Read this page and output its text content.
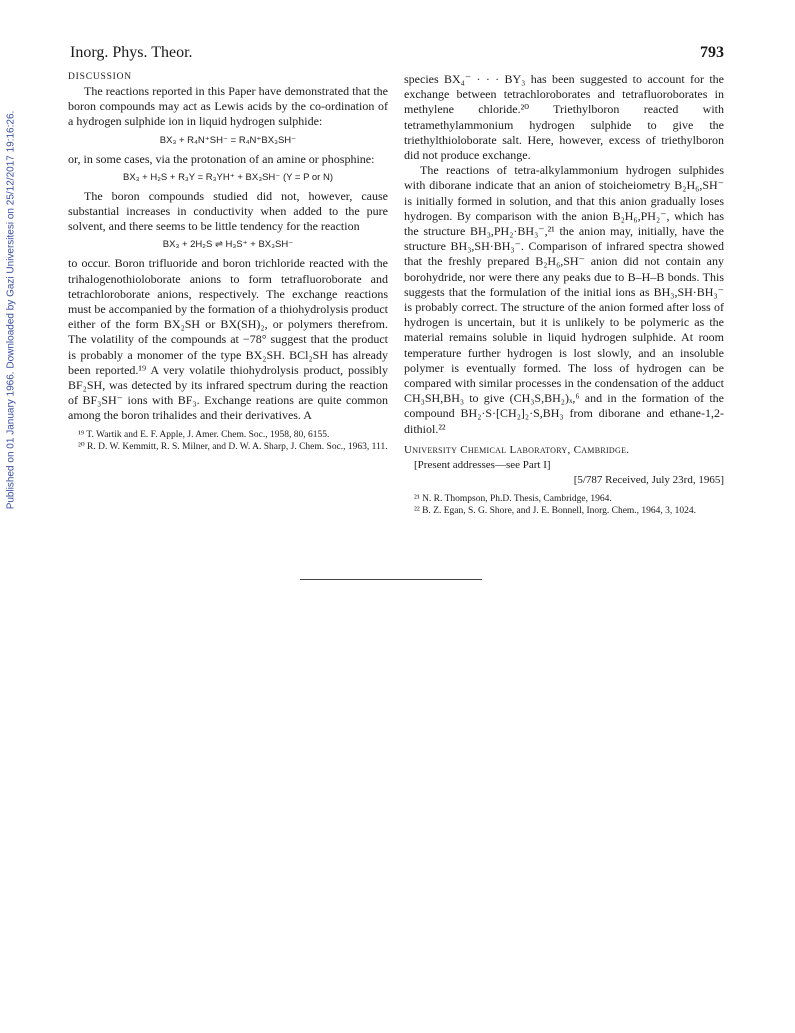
Published on 01 January 1966. Downloaded by Gazi Universitesi on 25/12/2017 19:16:26.
Inorg. Phys. Theor.	793
DISCUSSION

The reactions reported in this Paper have demonstrated that the boron compounds may act as Lewis acids by the co-ordination of a hydrogen sulphide ion in liquid hydrogen sulphide:

BX₃ + R₄N⁺SH⁻ = R₄N⁺BX₃SH⁻

or, in some cases, via the protonation of an amine or phosphine:

BX₃ + H₂S + R₃Y = R₃YH⁺ + BX₃SH⁻ (Y = P or N)

The boron compounds studied did not, however, cause substantial increases in conductivity when added to the pure solvent, and there seems to be little tendency for the reaction

BX₃ + 2H₂S ⇌ H₃S⁺ + BX₃SH⁻

to occur. Boron trifluoride and boron trichloride reacted with the trihalogenothioloborate anions to form tetrafluoroborate and tetrachloroborate anions, respectively. The exchange reactions must be accompanied by the formation of a thiohydrolysis product either of the form BX₂SH or BX(SH)₂, or polymers therefrom. The volatility of the compounds at −78° suggest that the product is probably a monomer of the type BX₂SH. BCl₂SH has already been reported.¹⁹ A very volatile thiohydrolysis product, possibly BF₂SH, was detected by its infrared spectrum during the reaction of BF₃SH⁻ ions with BF₃. Exchange reations are quite common among the boron trihalides and their derivatives. A

¹⁹ T. Wartik and E. F. Apple, J. Amer. Chem. Soc., 1958, 80, 6155.

²⁰ R. D. W. Kemmitt, R. S. Milner, and D. W. A. Sharp, J. Chem. Soc., 1963, 111.

species BX₄⁻ · · · BY₃ has been suggested to account for the exchange between tetrachloroborates and tetrafluoroborates in methylene chloride.²⁰ Triethylboron reacted with tetramethylammonium hydrogen sulphide to give the triethylthioloborate salt. Here, however, excess of triethylboron did not produce exchange.

The reactions of tetra-alkylammonium hydrogen sulphides with diborane indicate that an anion of stoicheiometry B₂H₆,SH⁻ is initially formed in solution, and that this anion gradually loses hydrogen. By comparison with the anion B₂H₆,PH₂⁻, which has the structure BH₃,PH₂·BH₃⁻,²¹ the anion may, initially, have the structure BH₃,SH·BH₃⁻. Comparison of infrared spectra showed that the freshly prepared B₂H₆,SH⁻ anion did not contain any borohydride, nor were there any peaks due to B–H–B bonds. This suggests that the formulation of the initial ions as BH₃,SH·BH₃⁻ is probably correct. The structure of the anion formed after loss of hydrogen is uncertain, but it is unlikely to be polymeric as the material remains soluble in liquid hydrogen sulphide. At room temperature further hydrogen is lost slowly, and an insoluble polymer is eventually formed. The loss of hydrogen can be compared with similar processes in the condensation of the adduct CH₃SH,BH₃ to give (CH₃S,BH₂)ₓ,⁶ and in the formation of the compound BH₂·S·[CH₂]₂·S,BH₃ from diborane and ethane-1,2-dithiol.²²

University Chemical Laboratory, Cambridge.

[Present addresses—see Part I]

[5/787 Received, July 23rd, 1965]

²¹ N. R. Thompson, Ph.D. Thesis, Cambridge, 1964.

²² B. Z. Egan, S. G. Shore, and J. E. Bonnell, Inorg. Chem., 1964, 3, 1024.
